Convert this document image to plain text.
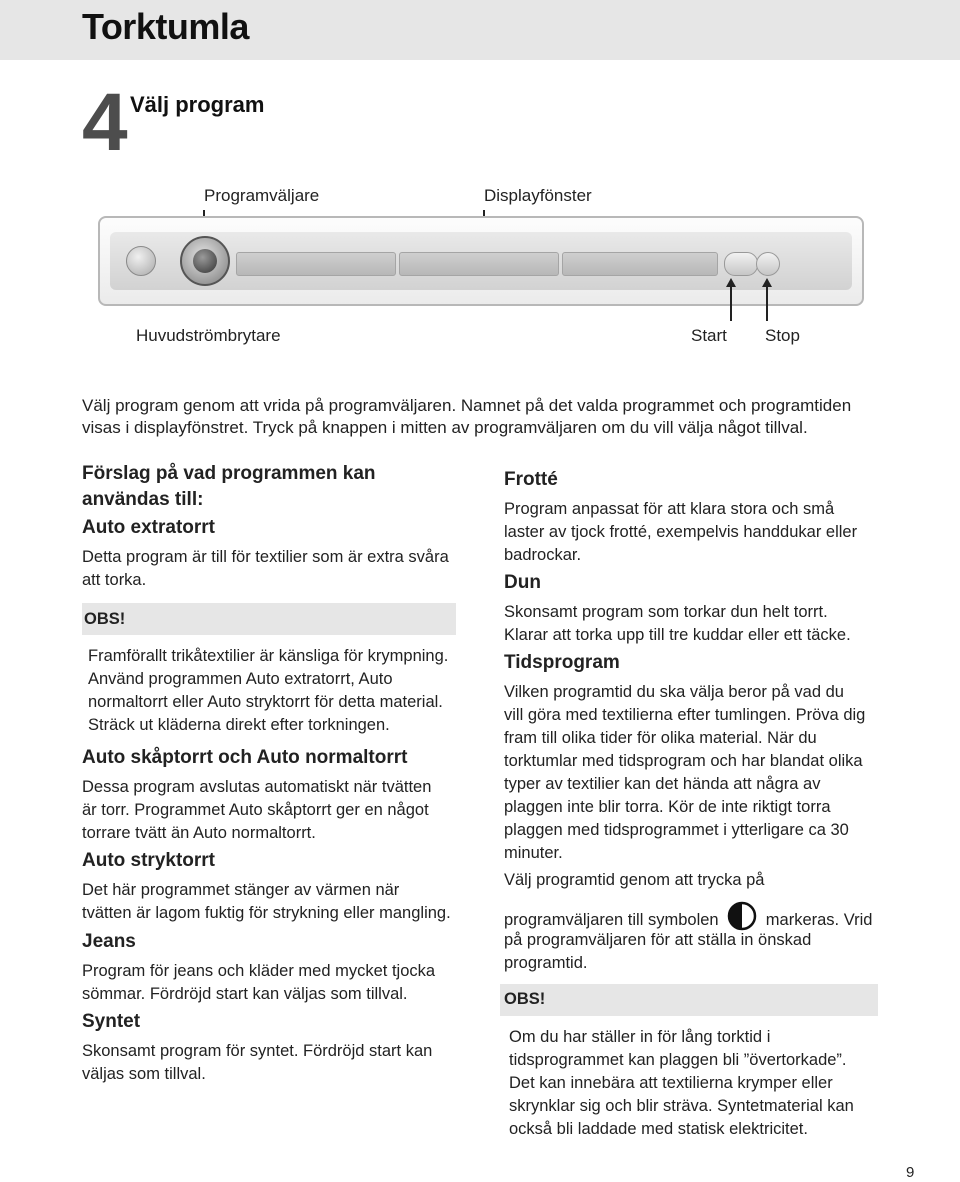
Torktumla
4 Välj program
Programväljare	Displayfönster
Huvudströmbrytare	Start Stop
Välj program genom att vrida på programväljaren. Namnet på det valda programmet och programtiden
visas i displayfönstret. Tryck på knappen i mitten av programväljaren om du vill välja något tillval.
Förslag på vad programmen kan
användas till:
Auto extratorrt
Detta program är till för textilier som är extra svåra
att torka.
OBS!
Framförallt trikåtextilier är känsliga för krympning.
Använd programmen Auto extratorrt, Auto
normaltorrt eller Auto stryktorrt för detta material.
Sträck ut kläderna direkt efter torkningen.
Auto skåptorrt och Auto normaltorrt
Dessa program avslutas automatiskt när tvätten
är torr. Programmet Auto skåptorrt ger en något
torrare tvätt än Auto normaltorrt.
Auto stryktorrt
Det här programmet stänger av värmen när
tvätten är lagom fuktig för strykning eller mangling.
Jeans
Program för jeans och kläder med mycket tjocka
sömmar. Fördröjd start kan väljas som tillval.
Syntet
Skonsamt program för syntet. Fördröjd start kan
väljas som tillval.
Frotté
Program anpassat för att klara stora och små
laster av tjock frotté, exempelvis handdukar eller
badrockar.
Dun
Skonsamt program som torkar dun helt torrt.
Klarar att torka upp till tre kuddar eller ett täcke.
Tidsprogram
Vilken programtid du ska välja beror på vad du
vill göra med textilierna efter tumlingen. Pröva dig
fram till olika tider för olika material. När du
torktumlar med tidsprogram och har blandat olika
typer av textilier kan det hända att några av
plaggen inte blir torra. Kör de inte riktigt torra
plaggen med tidsprogrammet i ytterligare ca 30
minuter.
Välj programtid genom att trycka på
programväljaren till symbolen	markeras. Vrid
på programväljaren för att ställa in önskad
programtid.
OBS!
Om du har ställer in för lång torktid i
tidsprogrammet kan plaggen bli ”övertorkade”.
Det kan innebära att textilierna krymper eller
skrynklar sig och blir sträva. Syntetmaterial kan
också bli laddade med statisk elektricitet.
9
